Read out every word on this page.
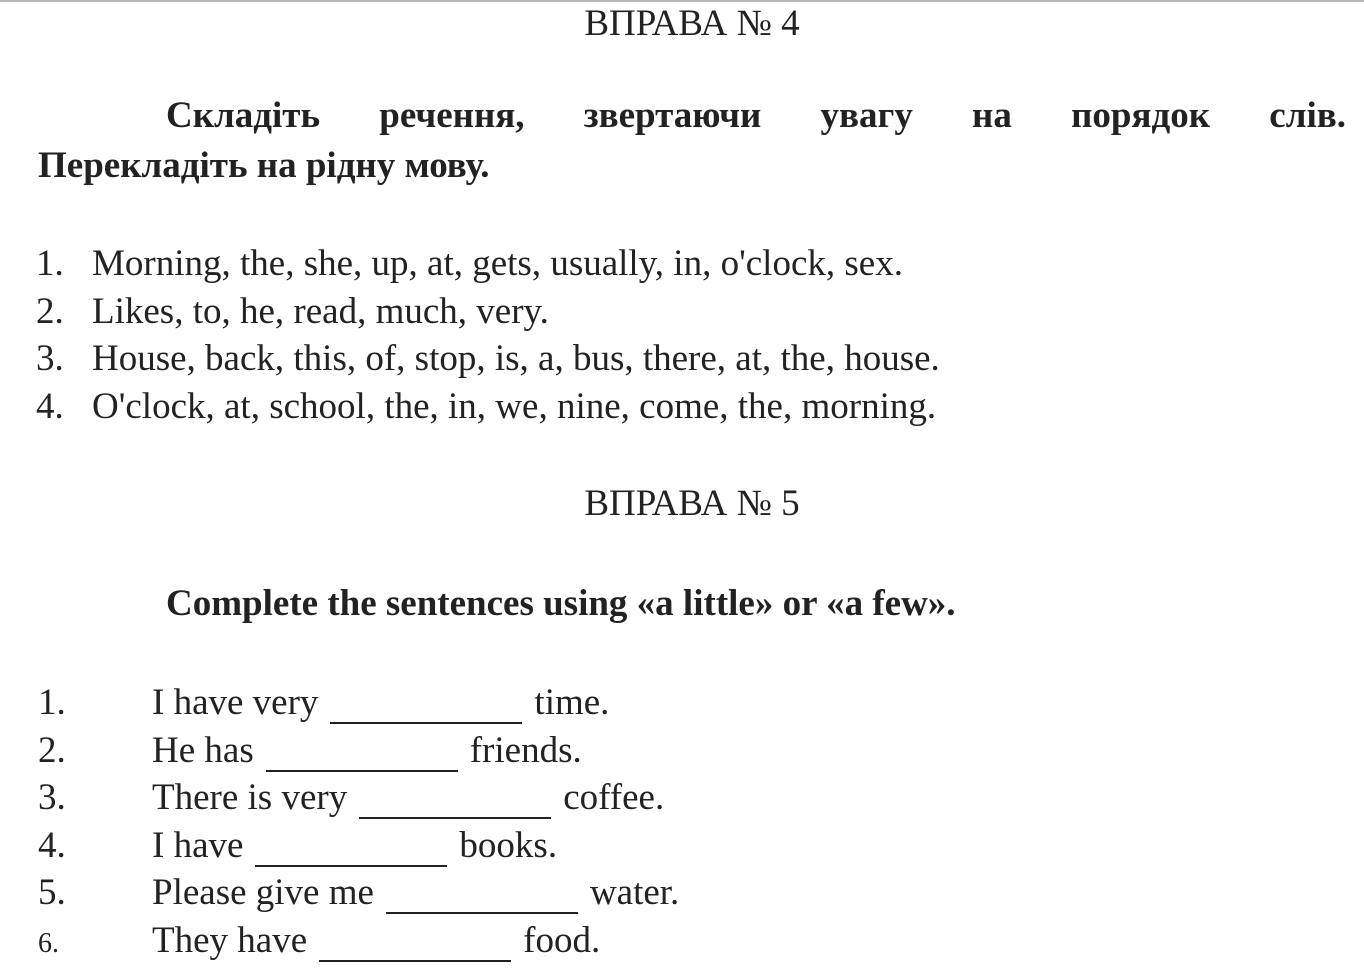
ВПРАВА № 4
Складіть речення, звертаючи увагу на порядок слів.
Перекладіть на рідну мову.
1. Morning, the, she, up, at, gets, usually, in, o'clock, sex.
2. Likes, to, he, read, much, very.
3. House, back, this, of, stop, is, a, bus, there, at, the, house.
4. O'clock, at, school, the, in, we, nine, come, the, morning.
ВПРАВА № 5
Complete the sentences using «a little» or «a few».
1.	I have very	time.
2.	He has	friends.
3.	There is very	coffee.
4.	I have	books.
5.	Please give me	water.
6.	They have	food.
